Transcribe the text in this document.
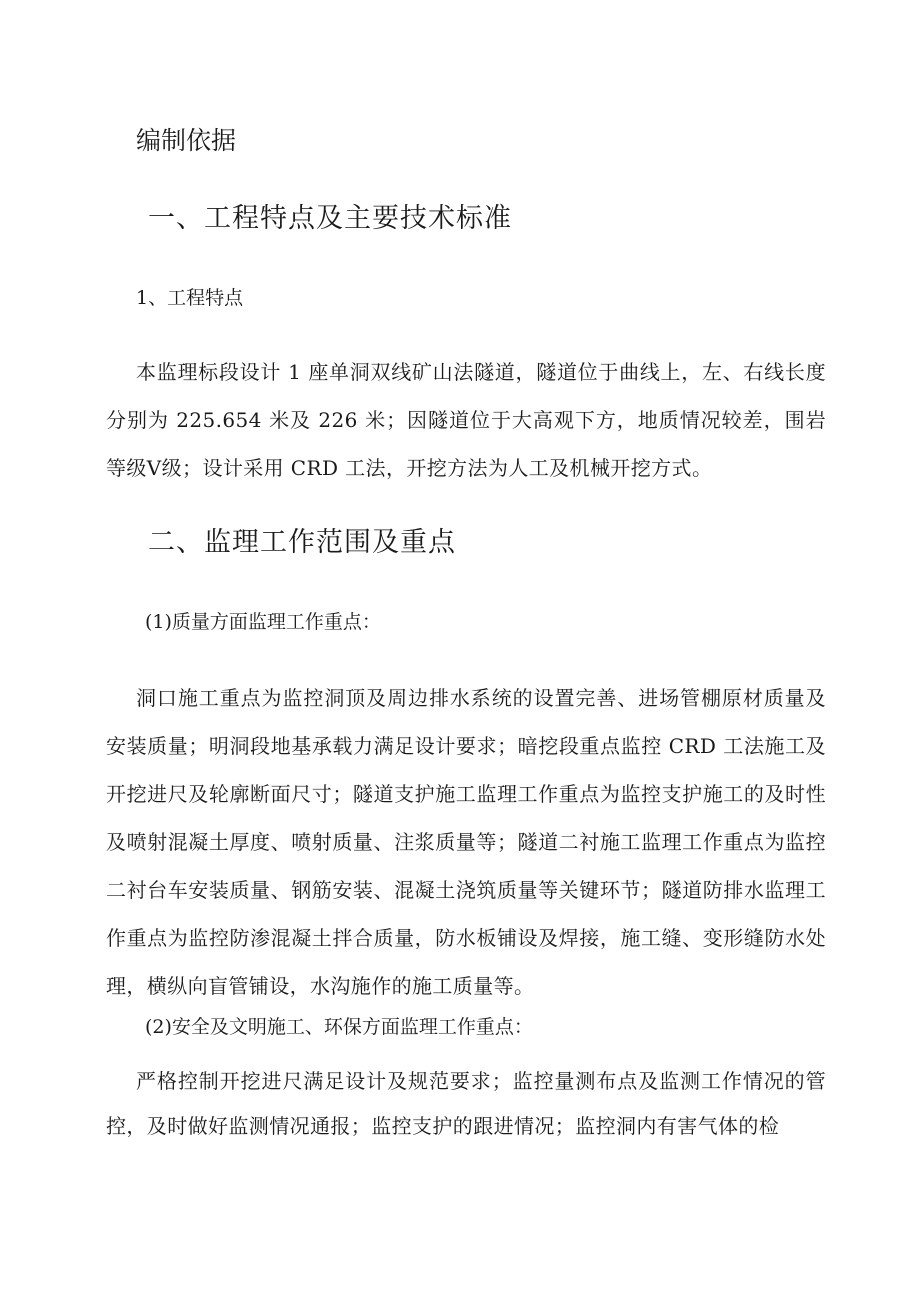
编制依据
一、工程特点及主要技术标准
1、工程特点

本监理标段设计 1 座单洞双线矿山法隧道，隧道位于曲线上，左、右线长度分别为 225.654 米及 226 米；因隧道位于大高观下方，地质情况较差，围岩等级Ⅴ级；设计采用 CRD 工法，开挖方法为人工及机械开挖方式。

二、监理工作范围及重点
(1)质量方面监理工作重点：

洞口施工重点为监控洞顶及周边排水系统的设置完善、进场管棚原材质量及安装质量；明洞段地基承载力满足设计要求；暗挖段重点监控 CRD 工法施工及开挖进尺及轮廓断面尺寸；隧道支护施工监理工作重点为监控支护施工的及时性及喷射混凝土厚度、喷射质量、注浆质量等；隧道二衬施工监理工作重点为监控二衬台车安装质量、钢筋安装、混凝土浇筑质量等关键环节；隧道防排水监理工作重点为监控防渗混凝土拌合质量，防水板铺设及焊接，施工缝、变形缝防水处理，横纵向盲管铺设，水沟施作的施工质量等。

(2)安全及文明施工、环保方面监理工作重点：

严格控制开挖进尺满足设计及规范要求；监控量测布点及监测工作情况的管控，及时做好监测情况通报；监控支护的跟进情况；监控洞内有害气体的检
